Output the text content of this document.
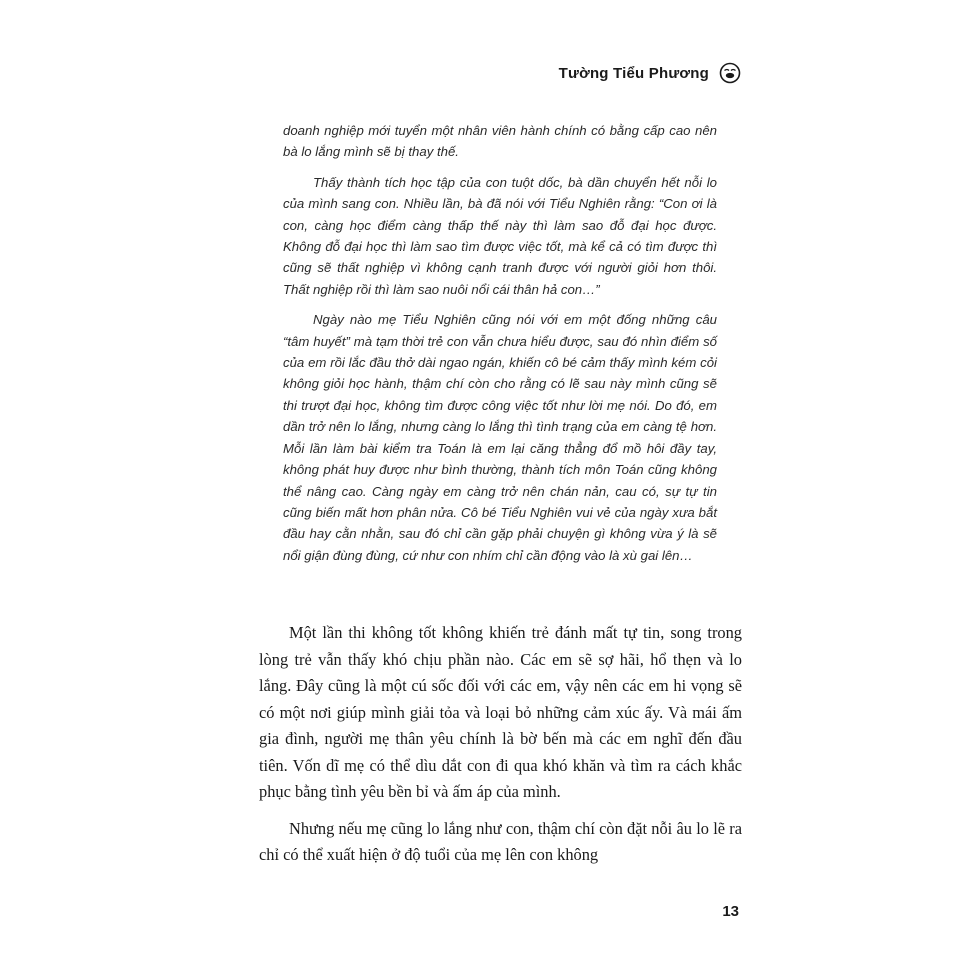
Tường Tiểu Phương

doanh nghiệp mới tuyển một nhân viên hành chính có bằng cấp cao nên bà lo lắng mình sẽ bị thay thế.

Thấy thành tích học tập của con tuột dốc, bà dần chuyển hết nỗi lo của mình sang con. Nhiều lần, bà đã nói với Tiểu Nghiên rằng: “Con ơi là con, càng học điểm càng thấp thế này thì làm sao đỗ đại học được. Không đỗ đại học thì làm sao tìm được việc tốt, mà kể cả có tìm được thì cũng sẽ thất nghiệp vì không cạnh tranh được với người giỏi hơn thôi. Thất nghiệp rồi thì làm sao nuôi nổi cái thân hả con…”

Ngày nào mẹ Tiểu Nghiên cũng nói với em một đống những câu “tâm huyết” mà tạm thời trẻ con vẫn chưa hiểu được, sau đó nhìn điểm số của em rồi lắc đầu thở dài ngao ngán, khiến cô bé cảm thấy mình kém cỏi không giỏi học hành, thậm chí còn cho rằng có lẽ sau này mình cũng sẽ thi trượt đại học, không tìm được công việc tốt như lời mẹ nói. Do đó, em dần trở nên lo lắng, nhưng càng lo lắng thì tình trạng của em càng tệ hơn. Mỗi lần làm bài kiểm tra Toán là em lại căng thẳng đổ mồ hôi đầy tay, không phát huy được như bình thường, thành tích môn Toán cũng không thể nâng cao. Càng ngày em càng trở nên chán nản, cau có, sự tự tin cũng biến mất hơn phân nửa. Cô bé Tiểu Nghiên vui vẻ của ngày xưa bắt đầu hay cằn nhằn, sau đó chỉ cần gặp phải chuyện gì không vừa ý là sẽ nổi giận đùng đùng, cứ như con nhím chỉ cần động vào là xù gai lên…

Một lần thi không tốt không khiến trẻ đánh mất tự tin, song trong lòng trẻ vẫn thấy khó chịu phần nào. Các em sẽ sợ hãi, hổ thẹn và lo lắng. Đây cũng là một cú sốc đối với các em, vậy nên các em hi vọng sẽ có một nơi giúp mình giải tỏa và loại bỏ những cảm xúc ấy. Và mái ấm gia đình, người mẹ thân yêu chính là bờ bến mà các em nghĩ đến đầu tiên. Vốn dĩ mẹ có thể dìu dắt con đi qua khó khăn và tìm ra cách khắc phục bằng tình yêu bền bỉ và ấm áp của mình.

Nhưng nếu mẹ cũng lo lắng như con, thậm chí còn đặt nỗi âu lo lẽ ra chỉ có thể xuất hiện ở độ tuổi của mẹ lên con không

13
